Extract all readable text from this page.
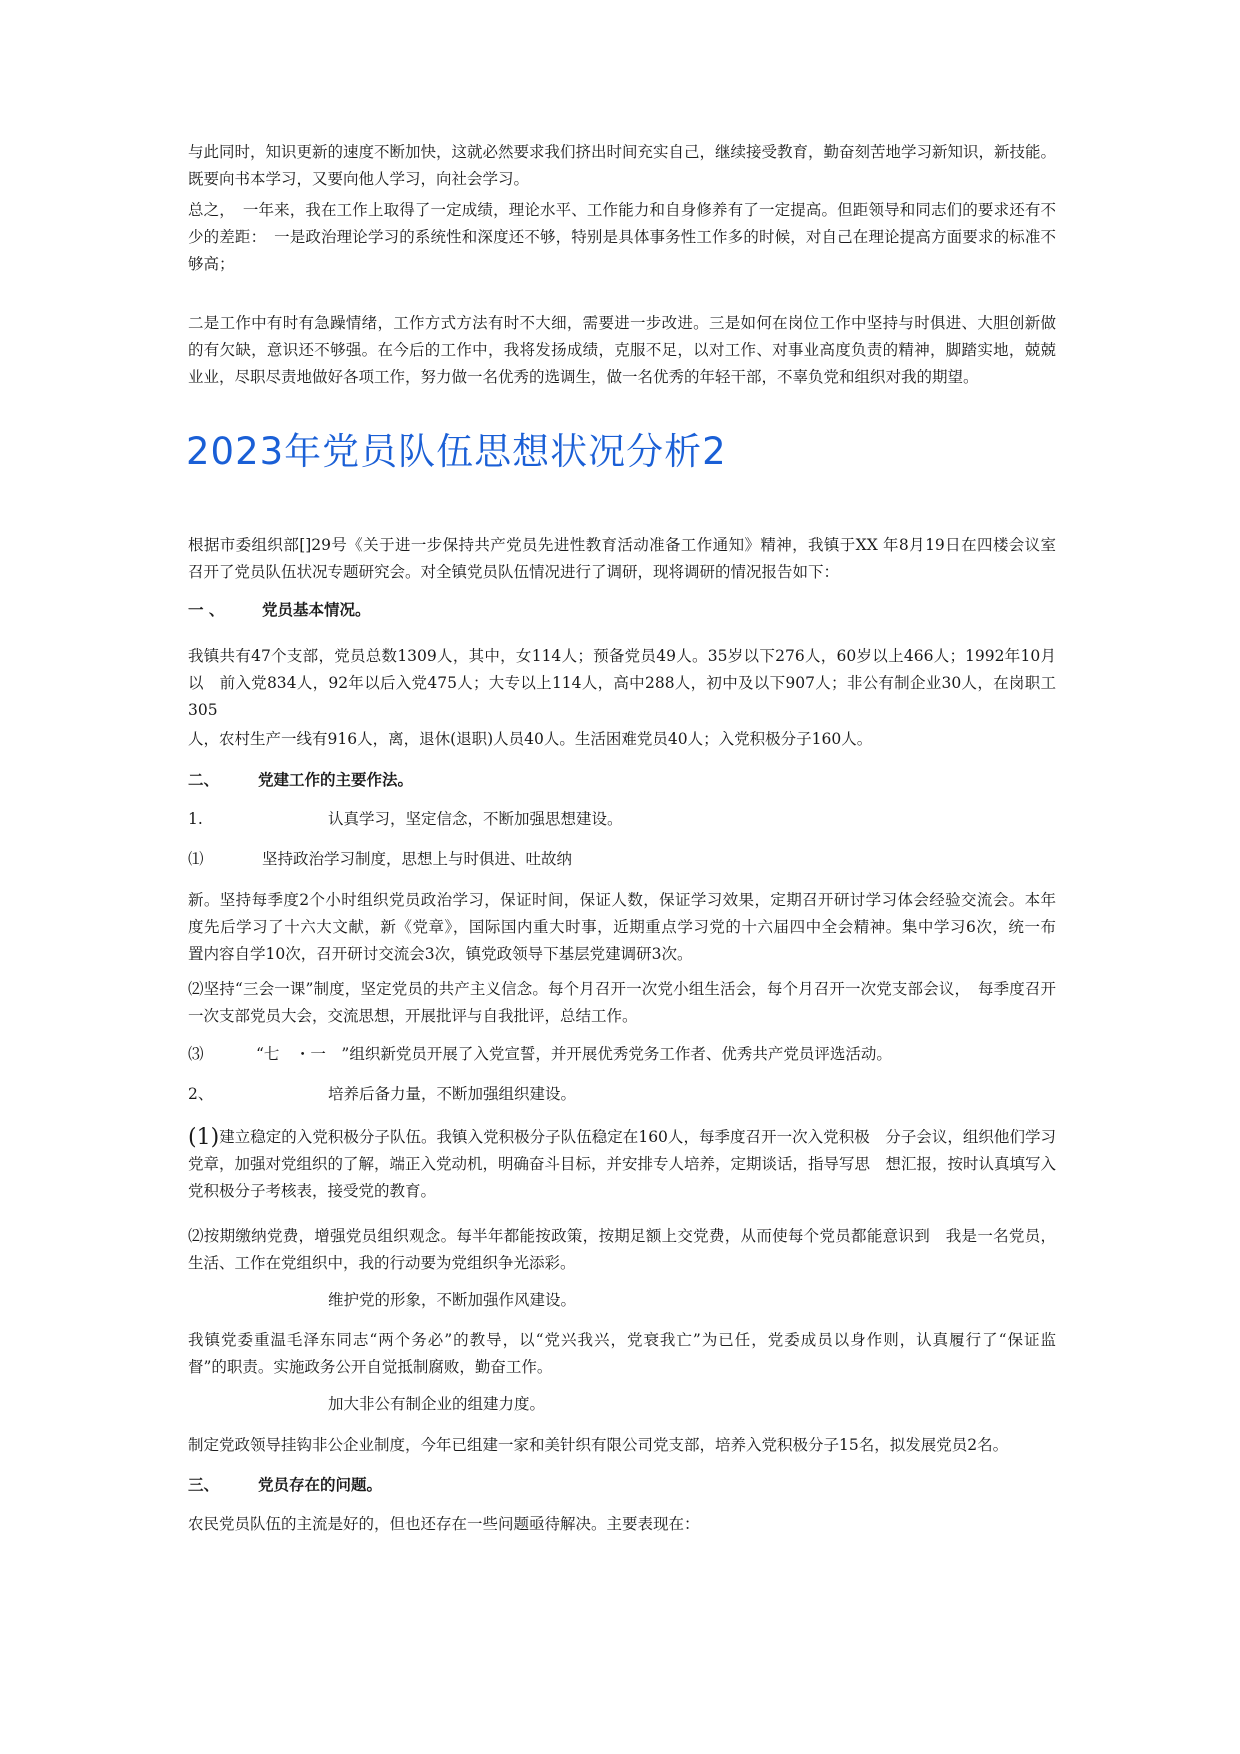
与此同时，知识更新的速度不断加快，这就必然要求我们挤出时间充实自己，继续接受教育，勤奋刻苦地学习新知识，新技能。既要向书本学习，又要向他人学习，向社会学习。

总之，　一年来，我在工作上取得了一定成绩，理论水平、工作能力和自身修养有了一定提高。但距领导和同志们的要求还有不　少的差距：　一是政治理论学习的系统性和深度还不够，特别是具体事务性工作多的时候，对自己在理论提高方面要求的标准不　够高；

二是工作中有时有急躁情绪，工作方式方法有时不大细，需要进一步改进。三是如何在岗位工作中坚持与时俱进、大胆创新做　的有欠缺，意识还不够强。在今后的工作中，我将发扬成绩，克服不足，以对工作、对事业高度负责的精神，脚踏实地，兢兢　业业，尽职尽责地做好各项工作，努力做一名优秀的选调生，做一名优秀的年轻干部，不辜负党和组织对我的期望。

2023年党员队伍思想状况分析2

根据市委组织部[]29号《关于进一步保持共产党员先进性教育活动准备工作通知》精神，我镇于XX 年8月19日在四楼会议室　召开了党员队伍状况专题研究会。对全镇党员队伍情况进行了调研，现将调研的情况报告如下：

一 、 党员基本情况。

我镇共有47个支部，党员总数1309人，其中，女114人；预备党员49人。35岁以下276人，60岁以上466人；1992年10月以　前入党834人，92年以后入党475人；大专以上114人，高中288人，初中及以下907人；非公有制企业30人，在岗职工305

人，农村生产一线有916人，离，退休(退职)人员40人。生活困难党员40人；入党积极分子160人。

二、	党建工作的主要作法。

1.	认真学习，坚定信念，不断加强思想建设。

⑴	坚持政治学习制度，思想上与时俱进、吐故纳

新。坚持每季度2个小时组织党员政治学习，保证时间，保证人数，保证学习效果，定期召开研讨学习体会经验交流会。本年　度先后学习了十六大文献，新《党章》，国际国内重大时事，近期重点学习党的十六届四中全会精神。集中学习6次，统一布　置内容自学10次，召开研讨交流会3次，镇党政领导下基层党建调研3次。

⑵坚持“三会一课”制度，坚定党员的共产主义信念。每个月召开一次党小组生活会，每个月召开一次党支部会议，　每季度召开一次支部党员大会，交流思想，开展批评与自我批评，总结工作。

⑶	“七　・一　”组织新党员开展了入党宣誓，并开展优秀党务工作者、优秀共产党员评选活动。

2、	培养后备力量，不断加强组织建设。

(1)建立稳定的入党积极分子队伍。我镇入党积极分子队伍稳定在160人，每季度召开一次入党积极　分子会议，组织他们学习党章，加强对党组织的了解，端正入党动机，明确奋斗目标，并安排专人培养，定期谈话，指导写思　想汇报，按时认真填写入党积极分子考核表，接受党的教育。

⑵按期缴纳党费，增强党员组织观念。每半年都能按政策，按期足额上交党费，从而使每个党员都能意识到　我是一名党员，生活、工作在党组织中，我的行动要为党组织争光添彩。

维护党的形象，不断加强作风建设。

我镇党委重温毛泽东同志“两个务必”的教导，以“党兴我兴，党衰我亡”为已任，党委成员以身作则，认真履行了“保证监　督”的职责。实施政务公开自觉抵制腐败，勤奋工作。

加大非公有制企业的组建力度。

制定党政领导挂钩非公企业制度，今年已组建一家和美针织有限公司党支部，培养入党积极分子15名，拟发展党员2名。

三、	党员存在的问题。

农民党员队伍的主流是好的，但也还存在一些问题亟待解决。主要表现在：
